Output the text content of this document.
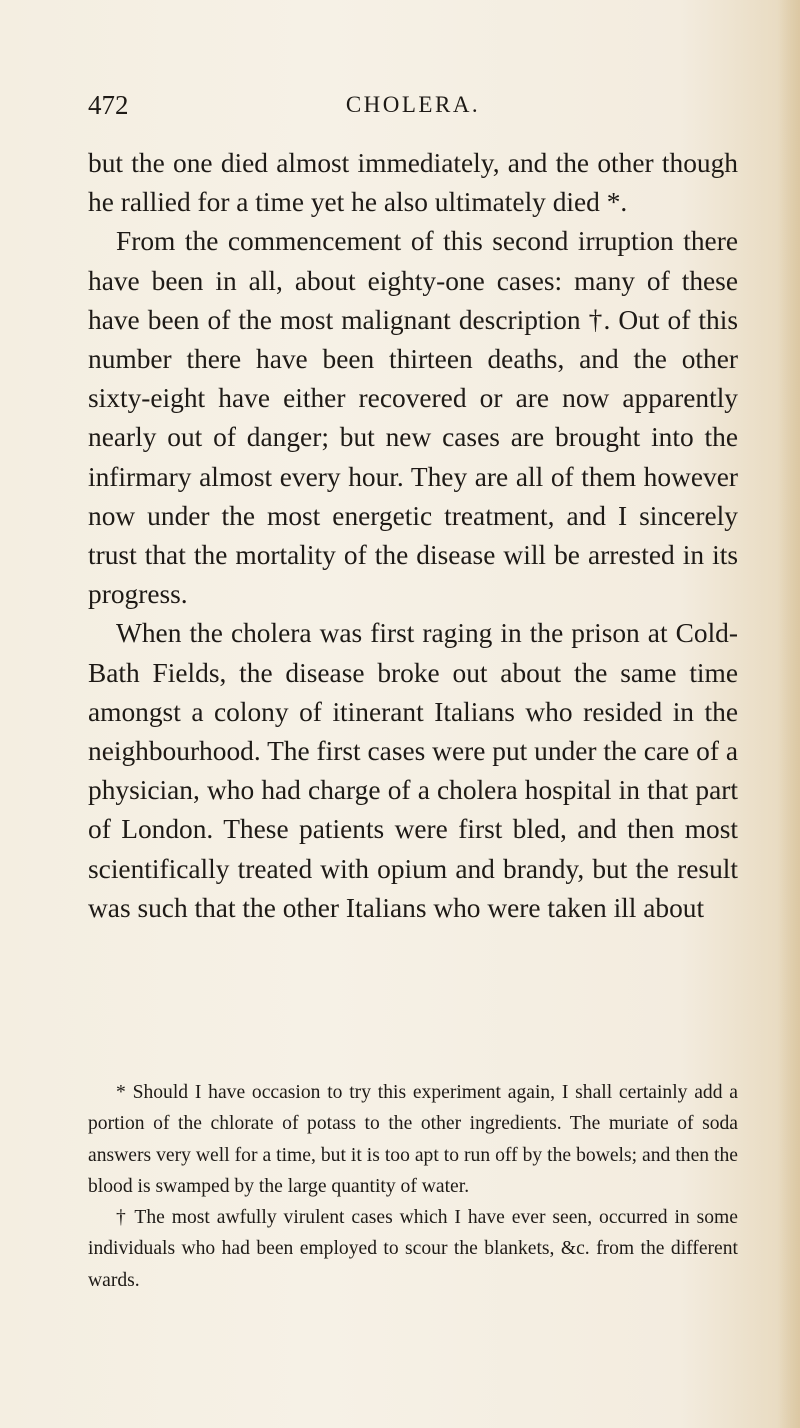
472	CHOLERA.

but the one died almost immediately, and the other though he rallied for a time yet he also ultimately died *.

From the commencement of this second irruption there have been in all, about eighty-one cases: many of these have been of the most malignant description †. Out of this number there have been thirteen deaths, and the other sixty-eight have either recovered or are now apparently nearly out of danger; but new cases are brought into the infirmary almost every hour. They are all of them however now under the most energetic treatment, and I sincerely trust that the mortality of the disease will be arrested in its progress.

When the cholera was first raging in the prison at Cold-Bath Fields, the disease broke out about the same time amongst a colony of itinerant Italians who resided in the neighbourhood. The first cases were put under the care of a physician, who had charge of a cholera hospital in that part of London. These patients were first bled, and then most scientifically treated with opium and brandy, but the result was such that the other Italians who were taken ill about

* Should I have occasion to try this experiment again, I shall certainly add a portion of the chlorate of potass to the other ingredients. The muriate of soda answers very well for a time, but it is too apt to run off by the bowels; and then the blood is swamped by the large quantity of water.

† The most awfully virulent cases which I have ever seen, occurred in some individuals who had been employed to scour the blankets, &c. from the different wards.
